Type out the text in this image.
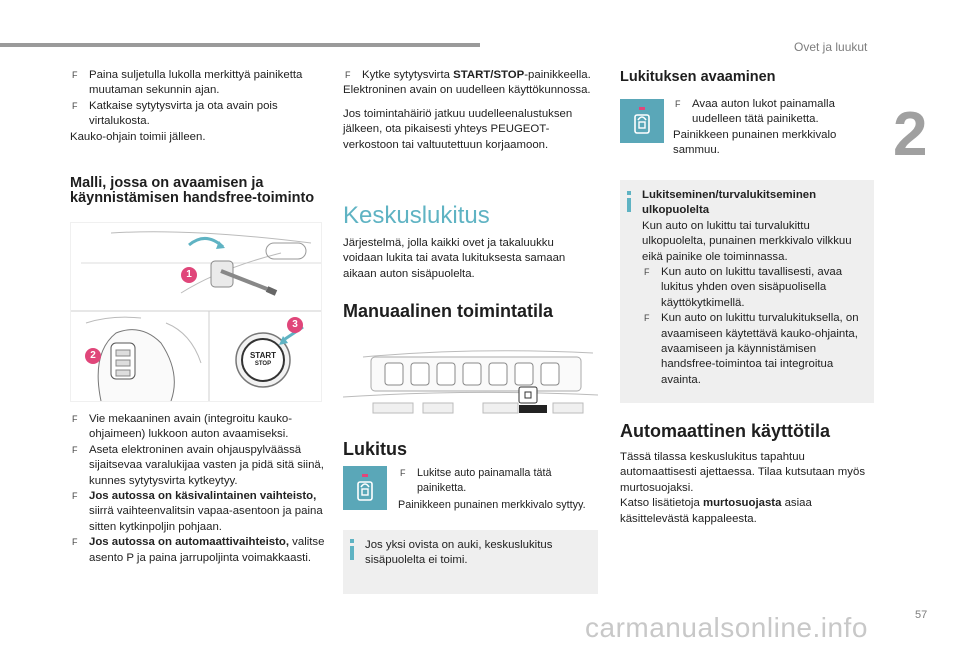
Ovet ja luukut
2
57
carmanualsonline.info

F Paina suljetulla lukolla merkittyä painiketta muutaman sekunnin ajan.

F Katkaise sytytysvirta ja ota avain pois virtalukosta.

Kauko-ohjain toimii jälleen.

Malli, jossa on avaamisen ja käynnistämisen handsfree-toiminto
1
2
3
START
STOP

F Vie mekaaninen avain (integroitu kauko-ohjaimeen) lukkoon auton avaamiseksi.

F Aseta elektroninen avain ohjauspylväässä sijaitsevaa varalukijaa vasten ja pidä sitä siinä, kunnes sytytysvirta kytkeytyy.

F Jos autossa on käsivalintainen vaihteisto, siirrä vaihteenvalitsin vapaa-asentoon ja paina sitten kytkinpoljin pohjaan.

F Jos autossa on automaattivaihteisto, valitse asento P ja paina jarrupoljinta voimakkaasti.

F Kytke sytytysvirta START/STOP-painikkeella.

Elektroninen avain on uudelleen käyttökunnossa.

Jos toimintahäiriö jatkuu uudelleenalustuksen jälkeen, ota pikaisesti yhteys PEUGEOT-verkostoon tai valtuutettuun korjaamoon.

Keskuslukitus

Järjestelmä, jolla kaikki ovet ja takaluukku voidaan lukita tai avata lukituksesta samaan aikaan auton sisäpuolelta.

Manuaalinen toimintatila
Lukitus

F Lukitse auto painamalla tätä painiketta.

Painikkeen punainen merkkivalo syttyy.

Jos yksi ovista on auki, keskuslukitus sisäpuolelta ei toimi.

Lukituksen avaaminen

F Avaa auton lukot painamalla uudelleen tätä painiketta.

Painikkeen punainen merkkivalo sammuu.

Lukitseminen/turvalukitseminen ulkopuolelta

Kun auto on lukittu tai turvalukittu ulkopuolelta, punainen merkkivalo vilkkuu eikä painike ole toiminnassa.

F Kun auto on lukittu tavallisesti, avaa lukitus yhden oven sisäpuolisella käyttökytkimellä.

F Kun auto on lukittu turvalukituksella, on avaamiseen käytettävä kauko-ohjainta, avaamiseen ja käynnistämisen handsfree-toimintoa tai integroitua avainta.

Automaattinen käyttötila

Tässä tilassa keskuslukitus tapahtuu automaattisesti ajettaessa. Tilaa kutsutaan myös murtosuojaksi.

Katso lisätietoja murtosuojasta asiaa käsittelevästä kappaleesta.
